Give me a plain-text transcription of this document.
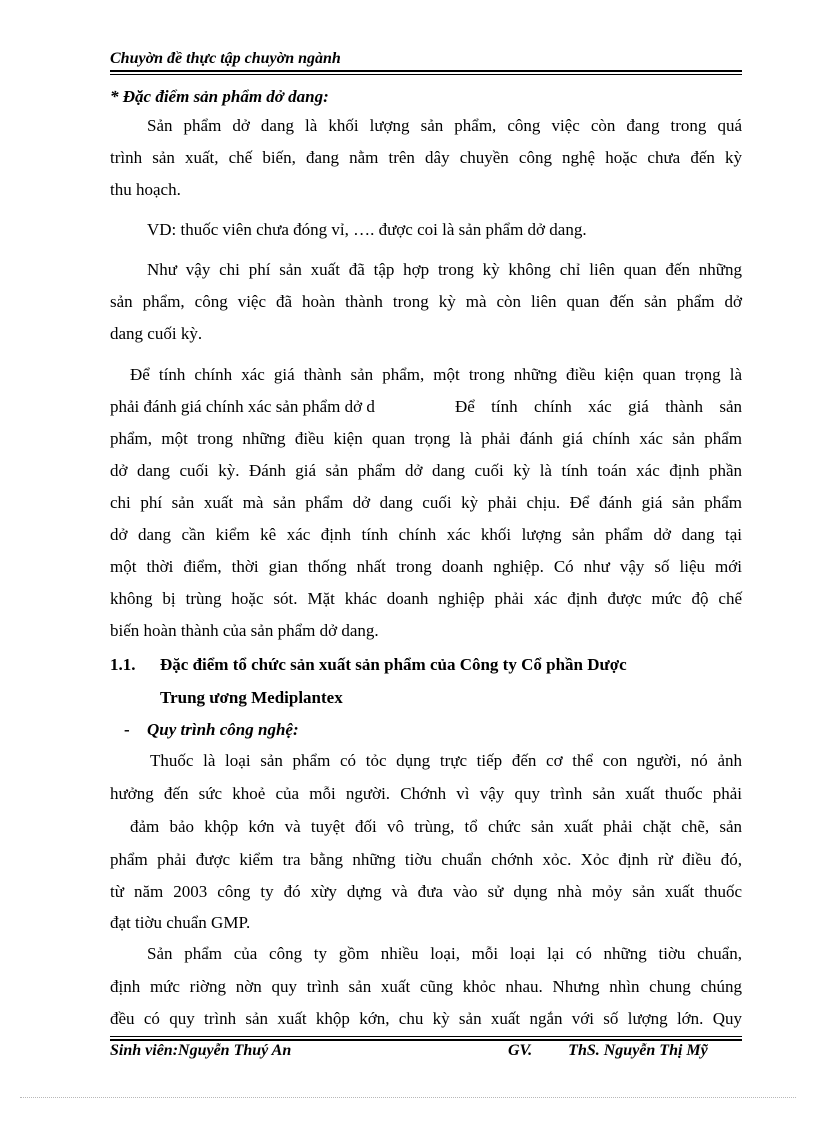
Chuyờn đề thực tập chuyờn ngành
* Đặc điểm sản phẩm dở dang:
Sản phẩm dở dang là khối lượng sản phẩm, công việc còn đang trong quá
trình sản xuất, chế biến, đang nằm trên dây chuyền công nghệ hoặc chưa đến kỳ
thu hoạch.
VD: thuốc viên chưa đóng vỉ, …. được coi là sản phẩm dở dang.
Như vậy chi phí sản xuất đã tập hợp trong kỳ không chỉ liên quan đến những
sản phẩm, công việc đã hoàn thành trong kỳ mà còn liên quan đến sản phẩm dở
dang cuối kỳ.
Để tính chính xác giá thành sản phẩm, một trong những điều kiện quan trọng là
phải đánh giá chính xác sản phẩm dở d	Để tính chính xác giá thành sản
phẩm, một trong những điều kiện quan trọng là phải đánh giá chính xác sản phẩm
dở dang cuối kỳ. Đánh giá sản phẩm dở dang cuối kỳ là tính toán xác định phần
chi phí sản xuất mà sản phẩm dở dang cuối kỳ phải chịu. Để đánh giá sản phẩm
dở dang cần kiểm kê xác định tính chính xác khối lượng sản phẩm dở dang tại
một thời điểm, thời gian thống nhất trong doanh nghiệp. Có như vậy số liệu mới
không bị trùng hoặc sót. Mặt khác doanh nghiệp phải xác định được mức độ chế
biến hoàn thành của sản phẩm dở dang.
1.1. Đặc điểm tổ chức sản xuất sản phẩm của Công ty Cổ phần Dược
Trung ương Mediplantex
- Quy trình công nghệ:
Thuốc là loại sản phẩm có tỏc dụng trực tiếp đến cơ thể con người, nó ảnh
hưởng đến sức khoẻ của mỗi người. Chớnh vì vậy quy trình sản xuất thuốc phải
đảm bảo khộp kớn và tuyệt đối vô trùng, tổ chức sản xuất phải chặt chẽ, sản
phẩm phải được kiểm tra bằng những tiờu chuẩn chớnh xỏc. Xỏc định rừ điều đó,
từ năm 2003 công ty đó xừy dựng và đưa vào sử dụng nhà mỏy sản xuất thuốc
đạt tiờu chuẩn GMP.
Sản phẩm của công ty gồm nhiều loại, mỗi loại lại có những tiờu chuẩn,
định mức riờng nờn quy trình sản xuất cũng khỏc nhau. Nhưng nhìn chung chúng
đều có quy trình sản xuất khộp kớn, chu kỳ sản xuất ngắn với số lượng lớn. Quy
Sinh viên:Nguyễn Thuý An	GV. ThS. Nguyễn Thị Mỹ
